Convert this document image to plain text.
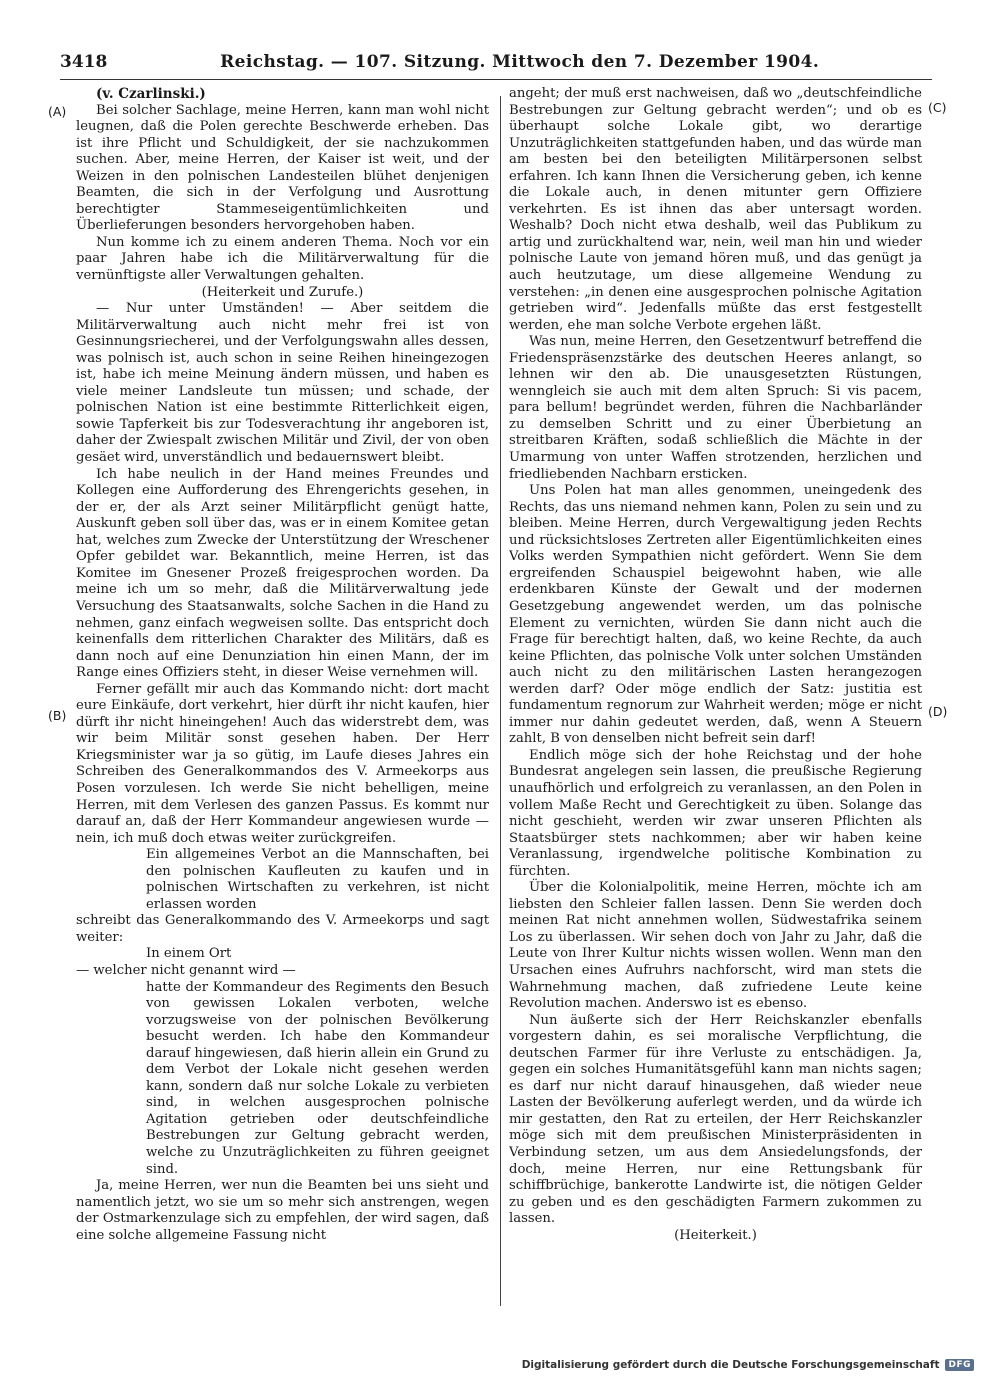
3418	Reichstag. — 107. Sitzung. Mittwoch den 7. Dezember 1904.
(A)
(B)
(C)
(D)

(v. Czarlinski.)

Bei solcher Sachlage, meine Herren, kann man wohl nicht leugnen, daß die Polen gerechte Beschwerde erheben. Das ist ihre Pflicht und Schuldigkeit, der sie nachzukommen suchen. Aber, meine Herren, der Kaiser ist weit, und der Weizen in den polnischen Landesteilen blühet denjenigen Beamten, die sich in der Verfolgung und Ausrottung berechtigter Stammeseigentümlichkeiten und Überlieferungen besonders hervorgehoben haben.

Nun komme ich zu einem anderen Thema. Noch vor ein paar Jahren habe ich die Militärverwaltung für die vernünftigste aller Verwaltungen gehalten.

(Heiterkeit und Zurufe.)

— Nur unter Umständen! — Aber seitdem die Militärverwaltung auch nicht mehr frei ist von Gesinnungsriecherei, und der Verfolgungswahn alles dessen, was polnisch ist, auch schon in seine Reihen hineingezogen ist, habe ich meine Meinung ändern müssen, und haben es viele meiner Landsleute tun müssen; und schade, der polnischen Nation ist eine bestimmte Ritterlichkeit eigen, sowie Tapferkeit bis zur Todesverachtung ihr angeboren ist, daher der Zwiespalt zwischen Militär und Zivil, der von oben gesäet wird, unverständlich und bedauernswert bleibt.

Ich habe neulich in der Hand meines Freundes und Kollegen eine Aufforderung des Ehrengerichts gesehen, in der er, der als Arzt seiner Militärpflicht genügt hatte, Auskunft geben soll über das, was er in einem Komitee getan hat, welches zum Zwecke der Unterstützung der Wreschener Opfer gebildet war. Bekanntlich, meine Herren, ist das Komitee im Gnesener Prozeß freigesprochen worden. Da meine ich um so mehr, daß die Militärverwaltung jede Versuchung des Staatsanwalts, solche Sachen in die Hand zu nehmen, ganz einfach wegweisen sollte. Das entspricht doch keinenfalls dem ritterlichen Charakter des Militärs, daß es dann noch auf eine Denunziation hin einen Mann, der im Range eines Offiziers steht, in dieser Weise vernehmen will.

Ferner gefällt mir auch das Kommando nicht: dort macht eure Einkäufe, dort verkehrt, hier dürft ihr nicht kaufen, hier dürft ihr nicht hineingehen! Auch das widerstrebt dem, was wir beim Militär sonst gesehen haben. Der Herr Kriegsminister war ja so gütig, im Laufe dieses Jahres ein Schreiben des Generalkommandos des V. Armeekorps aus Posen vorzulesen. Ich werde Sie nicht behelligen, meine Herren, mit dem Verlesen des ganzen Passus. Es kommt nur darauf an, daß der Herr Kommandeur angewiesen wurde — nein, ich muß doch etwas weiter zurückgreifen.

Ein allgemeines Verbot an die Mannschaften, bei den polnischen Kaufleuten zu kaufen und in polnischen Wirtschaften zu verkehren, ist nicht erlassen worden

schreibt das Generalkommando des V. Armeekorps und sagt weiter:

In einem Ort

— welcher nicht genannt wird —

hatte der Kommandeur des Regiments den Besuch von gewissen Lokalen verboten, welche vorzugsweise von der polnischen Bevölkerung besucht werden. Ich habe den Kommandeur darauf hingewiesen, daß hierin allein ein Grund zu dem Verbot der Lokale nicht gesehen werden kann, sondern daß nur solche Lokale zu verbieten sind, in welchen ausgesprochen polnische Agitation getrieben oder deutschfeindliche Bestrebungen zur Geltung gebracht werden, welche zu Unzuträglichkeiten zu führen geeignet sind.

Ja, meine Herren, wer nun die Beamten bei uns sieht und namentlich jetzt, wo sie um so mehr sich anstrengen, wegen der Ostmarkenzulage sich zu empfehlen, der wird sagen, daß eine solche allgemeine Fassung nicht

angeht; der muß erst nachweisen, daß wo „deutschfeindliche Bestrebungen zur Geltung gebracht werden“; und ob es überhaupt solche Lokale gibt, wo derartige Unzuträglichkeiten stattgefunden haben, und das würde man am besten bei den beteiligten Militärpersonen selbst erfahren. Ich kann Ihnen die Versicherung geben, ich kenne die Lokale auch, in denen mitunter gern Offiziere verkehrten. Es ist ihnen das aber untersagt worden. Weshalb? Doch nicht etwa deshalb, weil das Publikum zu artig und zurückhaltend war, nein, weil man hin und wieder polnische Laute von jemand hören muß, und das genügt ja auch heutzutage, um diese allgemeine Wendung zu verstehen: „in denen eine ausgesprochen polnische Agitation getrieben wird“. Jedenfalls müßte das erst festgestellt werden, ehe man solche Verbote ergehen läßt.

Was nun, meine Herren, den Gesetzentwurf betreffend die Friedenspräsenzstärke des deutschen Heeres anlangt, so lehnen wir den ab. Die unausgesetzten Rüstungen, wenngleich sie auch mit dem alten Spruch: Si vis pacem, para bellum! begründet werden, führen die Nachbarländer zu demselben Schritt und zu einer Überbietung an streitbaren Kräften, sodaß schließlich die Mächte in der Umarmung von unter Waffen strotzenden, herzlichen und friedliebenden Nachbarn ersticken.

Uns Polen hat man alles genommen, uneingedenk des Rechts, das uns niemand nehmen kann, Polen zu sein und zu bleiben. Meine Herren, durch Vergewaltigung jeden Rechts und rücksichtsloses Zertreten aller Eigentümlichkeiten eines Volks werden Sympathien nicht gefördert. Wenn Sie dem ergreifenden Schauspiel beigewohnt haben, wie alle erdenkbaren Künste der Gewalt und der modernen Gesetzgebung angewendet werden, um das polnische Element zu vernichten, würden Sie dann nicht auch die Frage für berechtigt halten, daß, wo keine Rechte, da auch keine Pflichten, das polnische Volk unter solchen Umständen auch nicht zu den militärischen Lasten herangezogen werden darf? Oder möge endlich der Satz: justitia est fundamentum regnorum zur Wahrheit werden; möge er nicht immer nur dahin gedeutet werden, daß, wenn A Steuern zahlt, B von denselben nicht befreit sein darf!

Endlich möge sich der hohe Reichstag und der hohe Bundesrat angelegen sein lassen, die preußische Regierung unaufhörlich und erfolgreich zu veranlassen, an den Polen in vollem Maße Recht und Gerechtigkeit zu üben. Solange das nicht geschieht, werden wir zwar unseren Pflichten als Staatsbürger stets nachkommen; aber wir haben keine Veranlassung, irgendwelche politische Kombination zu fürchten.

Über die Kolonialpolitik, meine Herren, möchte ich am liebsten den Schleier fallen lassen. Denn Sie werden doch meinen Rat nicht annehmen wollen, Südwestafrika seinem Los zu überlassen. Wir sehen doch von Jahr zu Jahr, daß die Leute von Ihrer Kultur nichts wissen wollen. Wenn man den Ursachen eines Aufruhrs nachforscht, wird man stets die Wahrnehmung machen, daß zufriedene Leute keine Revolution machen. Anderswo ist es ebenso.

Nun äußerte sich der Herr Reichskanzler ebenfalls vorgestern dahin, es sei moralische Verpflichtung, die deutschen Farmer für ihre Verluste zu entschädigen. Ja, gegen ein solches Humanitätsgefühl kann man nichts sagen; es darf nur nicht darauf hinausgehen, daß wieder neue Lasten der Bevölkerung auferlegt werden, und da würde ich mir gestatten, den Rat zu erteilen, der Herr Reichskanzler möge sich mit dem preußischen Ministerpräsidenten in Verbindung setzen, um aus dem Ansiedelungsfonds, der doch, meine Herren, nur eine Rettungsbank für schiffbrüchige, bankerotte Landwirte ist, die nötigen Gelder zu geben und es den geschädigten Farmern zukommen zu lassen.

(Heiterkeit.)

Digitalisierung gefördert durch die Deutsche Forschungsgemeinschaft	DFG
